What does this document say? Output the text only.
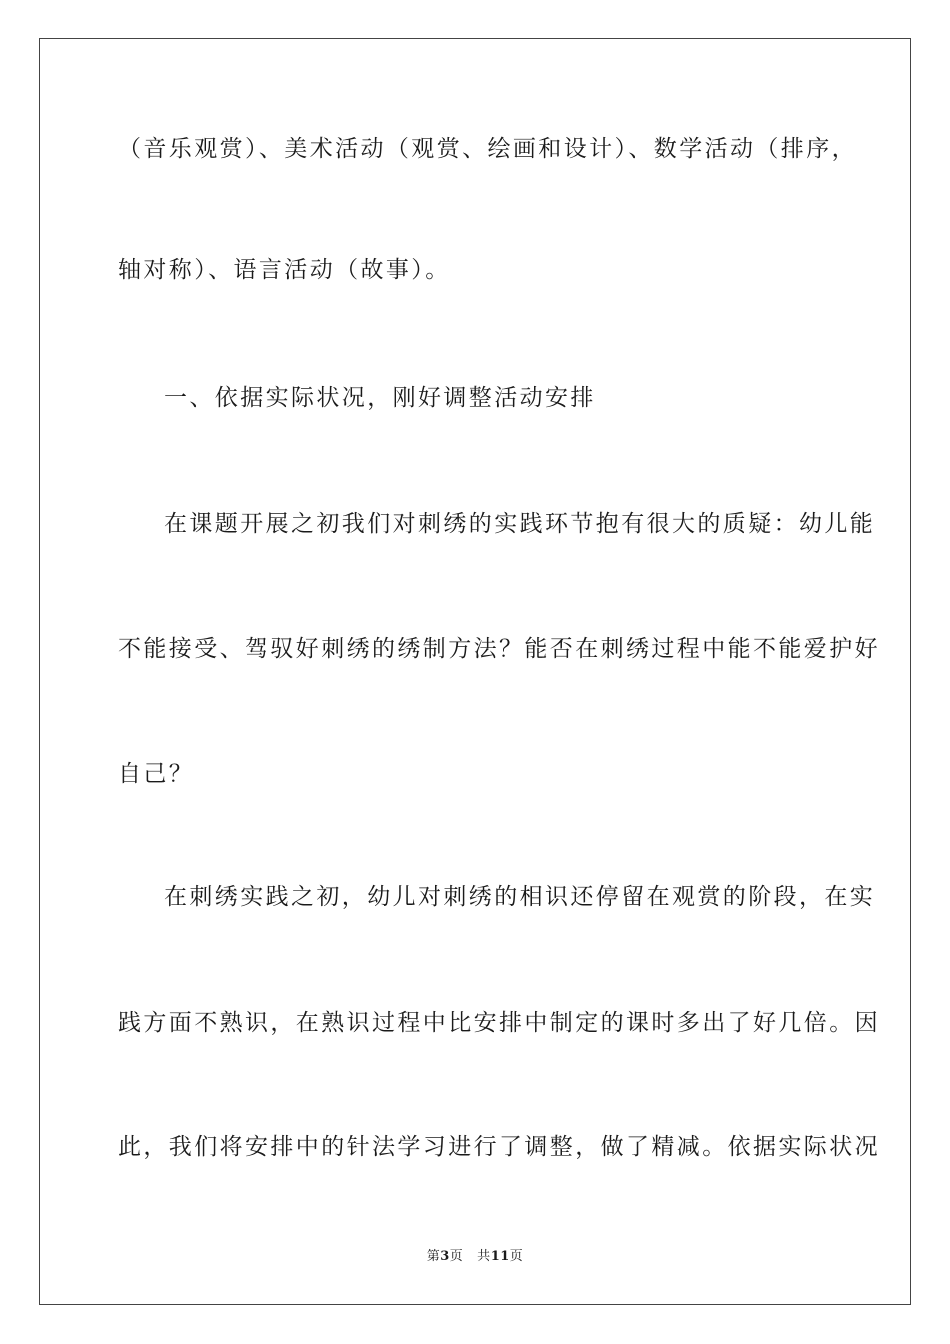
（音乐观赏）、美术活动（观赏、绘画和设计）、数学活动（排序，
轴对称）、语言活动（故事）。
一、依据实际状况，刚好调整活动安排
在课题开展之初我们对刺绣的实践环节抱有很大的质疑：幼儿能
不能接受、驾驭好刺绣的绣制方法？能否在刺绣过程中能不能爱护好
自己？
在刺绣实践之初，幼儿对刺绣的相识还停留在观赏的阶段，在实
践方面不熟识，在熟识过程中比安排中制定的课时多出了好几倍。因
此，我们将安排中的针法学习进行了调整，做了精减。依据实际状况
第3页 共11页
